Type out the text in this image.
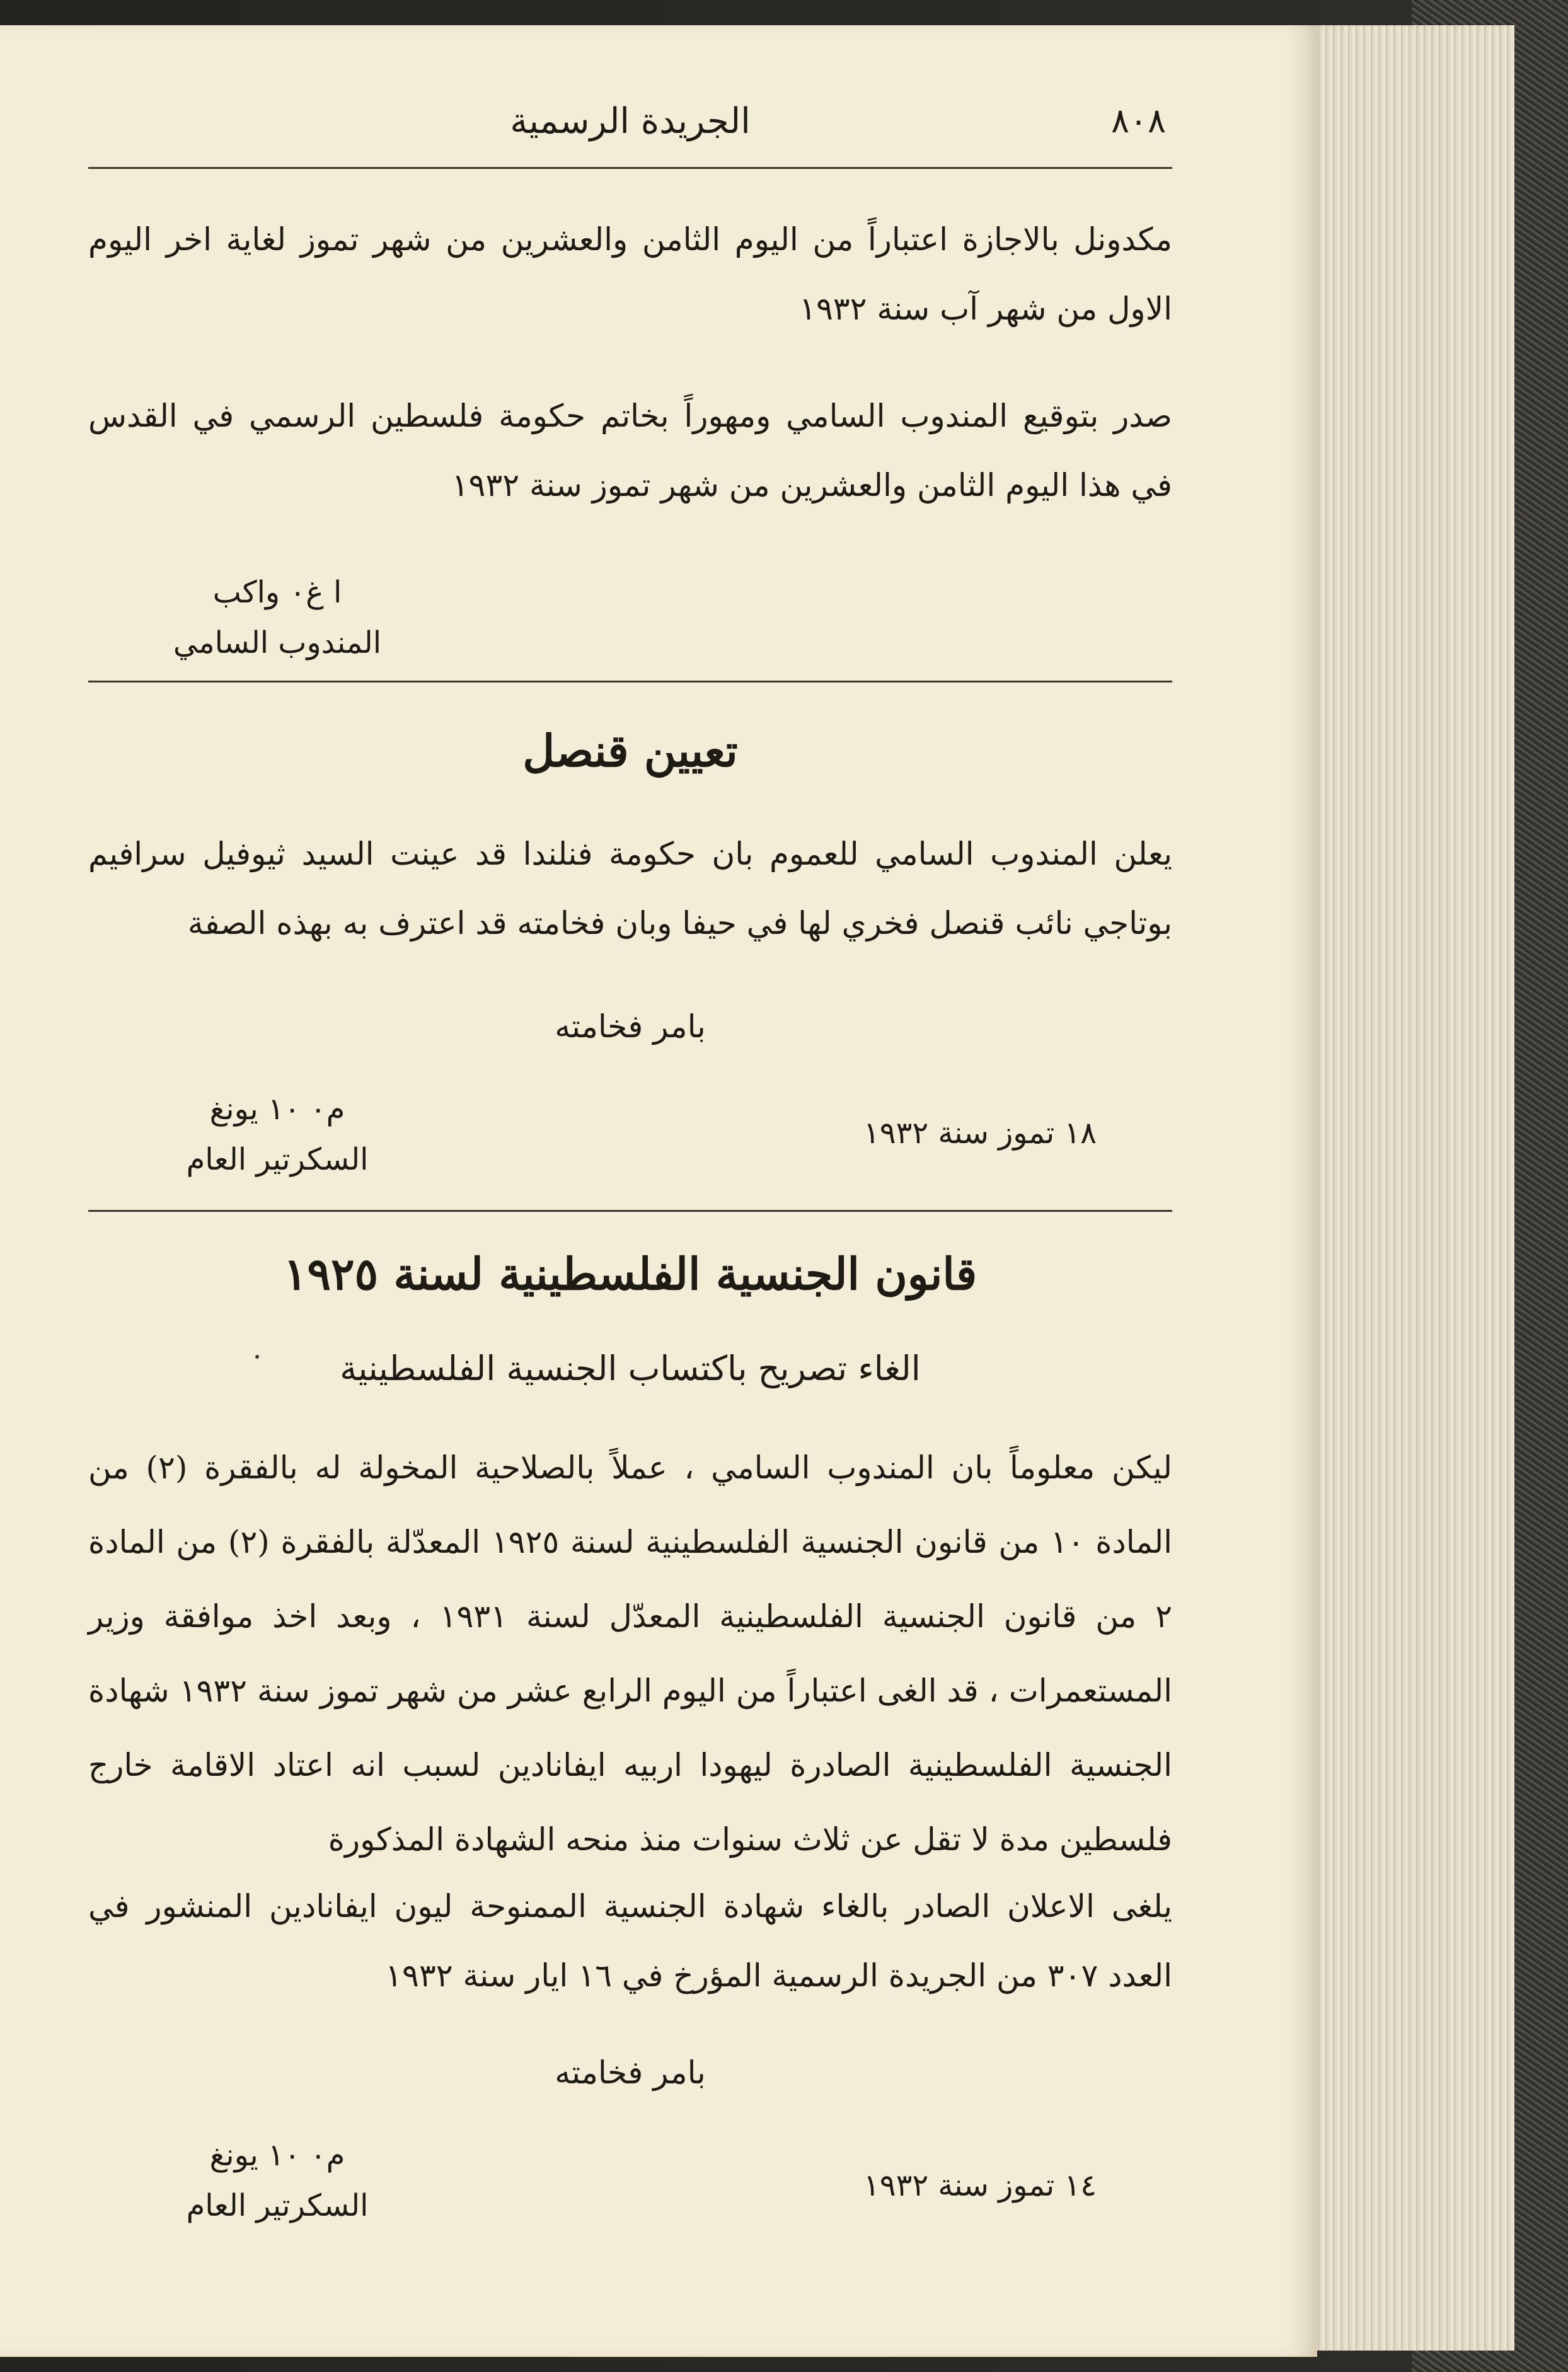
٨٠٨
الجريدة الرسمية

مكدونل بالاجازة اعتباراً من اليوم الثامن والعشرين من شهر تموز لغاية اخر اليوم الاول من شهر آب سنة ١٩٣٢

صدر بتوقيع المندوب السامي ومهوراً بخاتم حكومة فلسطين الرسمي في القدس في هذا اليوم الثامن والعشرين من شهر تموز سنة ١٩٣٢

ا غ٠ واكب
المندوب السامي
تعيين قنصل

يعلن المندوب السامي للعموم بان حكومة فنلندا قد عينت السيد ثيوفيل سرافيم بوتاجي نائب قنصل فخري لها في حيفا وبان فخامته قد اعترف به بهذه الصفة

بامر فخامته

١٨ تموز سنة ١٩٣٢
م٠ ١٠ يونغ
السكرتير العام
قانون الجنسية الفلسطينية لسنة ١٩٢٥

الغاء تصريح باكتساب الجنسية الفلسطينية

ليكن معلوماً بان المندوب السامي ، عملاً بالصلاحية المخولة له بالفقرة (٢) من المادة ١٠ من قانون الجنسية الفلسطينية لسنة ١٩٢٥ المعدّلة بالفقرة (٢) من المادة ٢ من قانون الجنسية الفلسطينية المعدّل لسنة ١٩٣١ ، وبعد اخذ موافقة وزير المستعمرات ، قد الغى اعتباراً من اليوم الرابع عشر من شهر تموز سنة ١٩٣٢ شهادة الجنسية الفلسطينية الصادرة ليهودا اربيه ايفانادين لسبب انه اعتاد الاقامة خارج فلسطين مدة لا تقل عن ثلاث سنوات منذ منحه الشهادة المذكورة

يلغى الاعلان الصادر بالغاء شهادة الجنسية الممنوحة ليون ايفانادين المنشور في العدد ٣٠٧ من الجريدة الرسمية المؤرخ في ١٦ ايار سنة ١٩٣٢

بامر فخامته

١٤ تموز سنة ١٩٣٢
م٠ ١٠ يونغ
السكرتير العام
